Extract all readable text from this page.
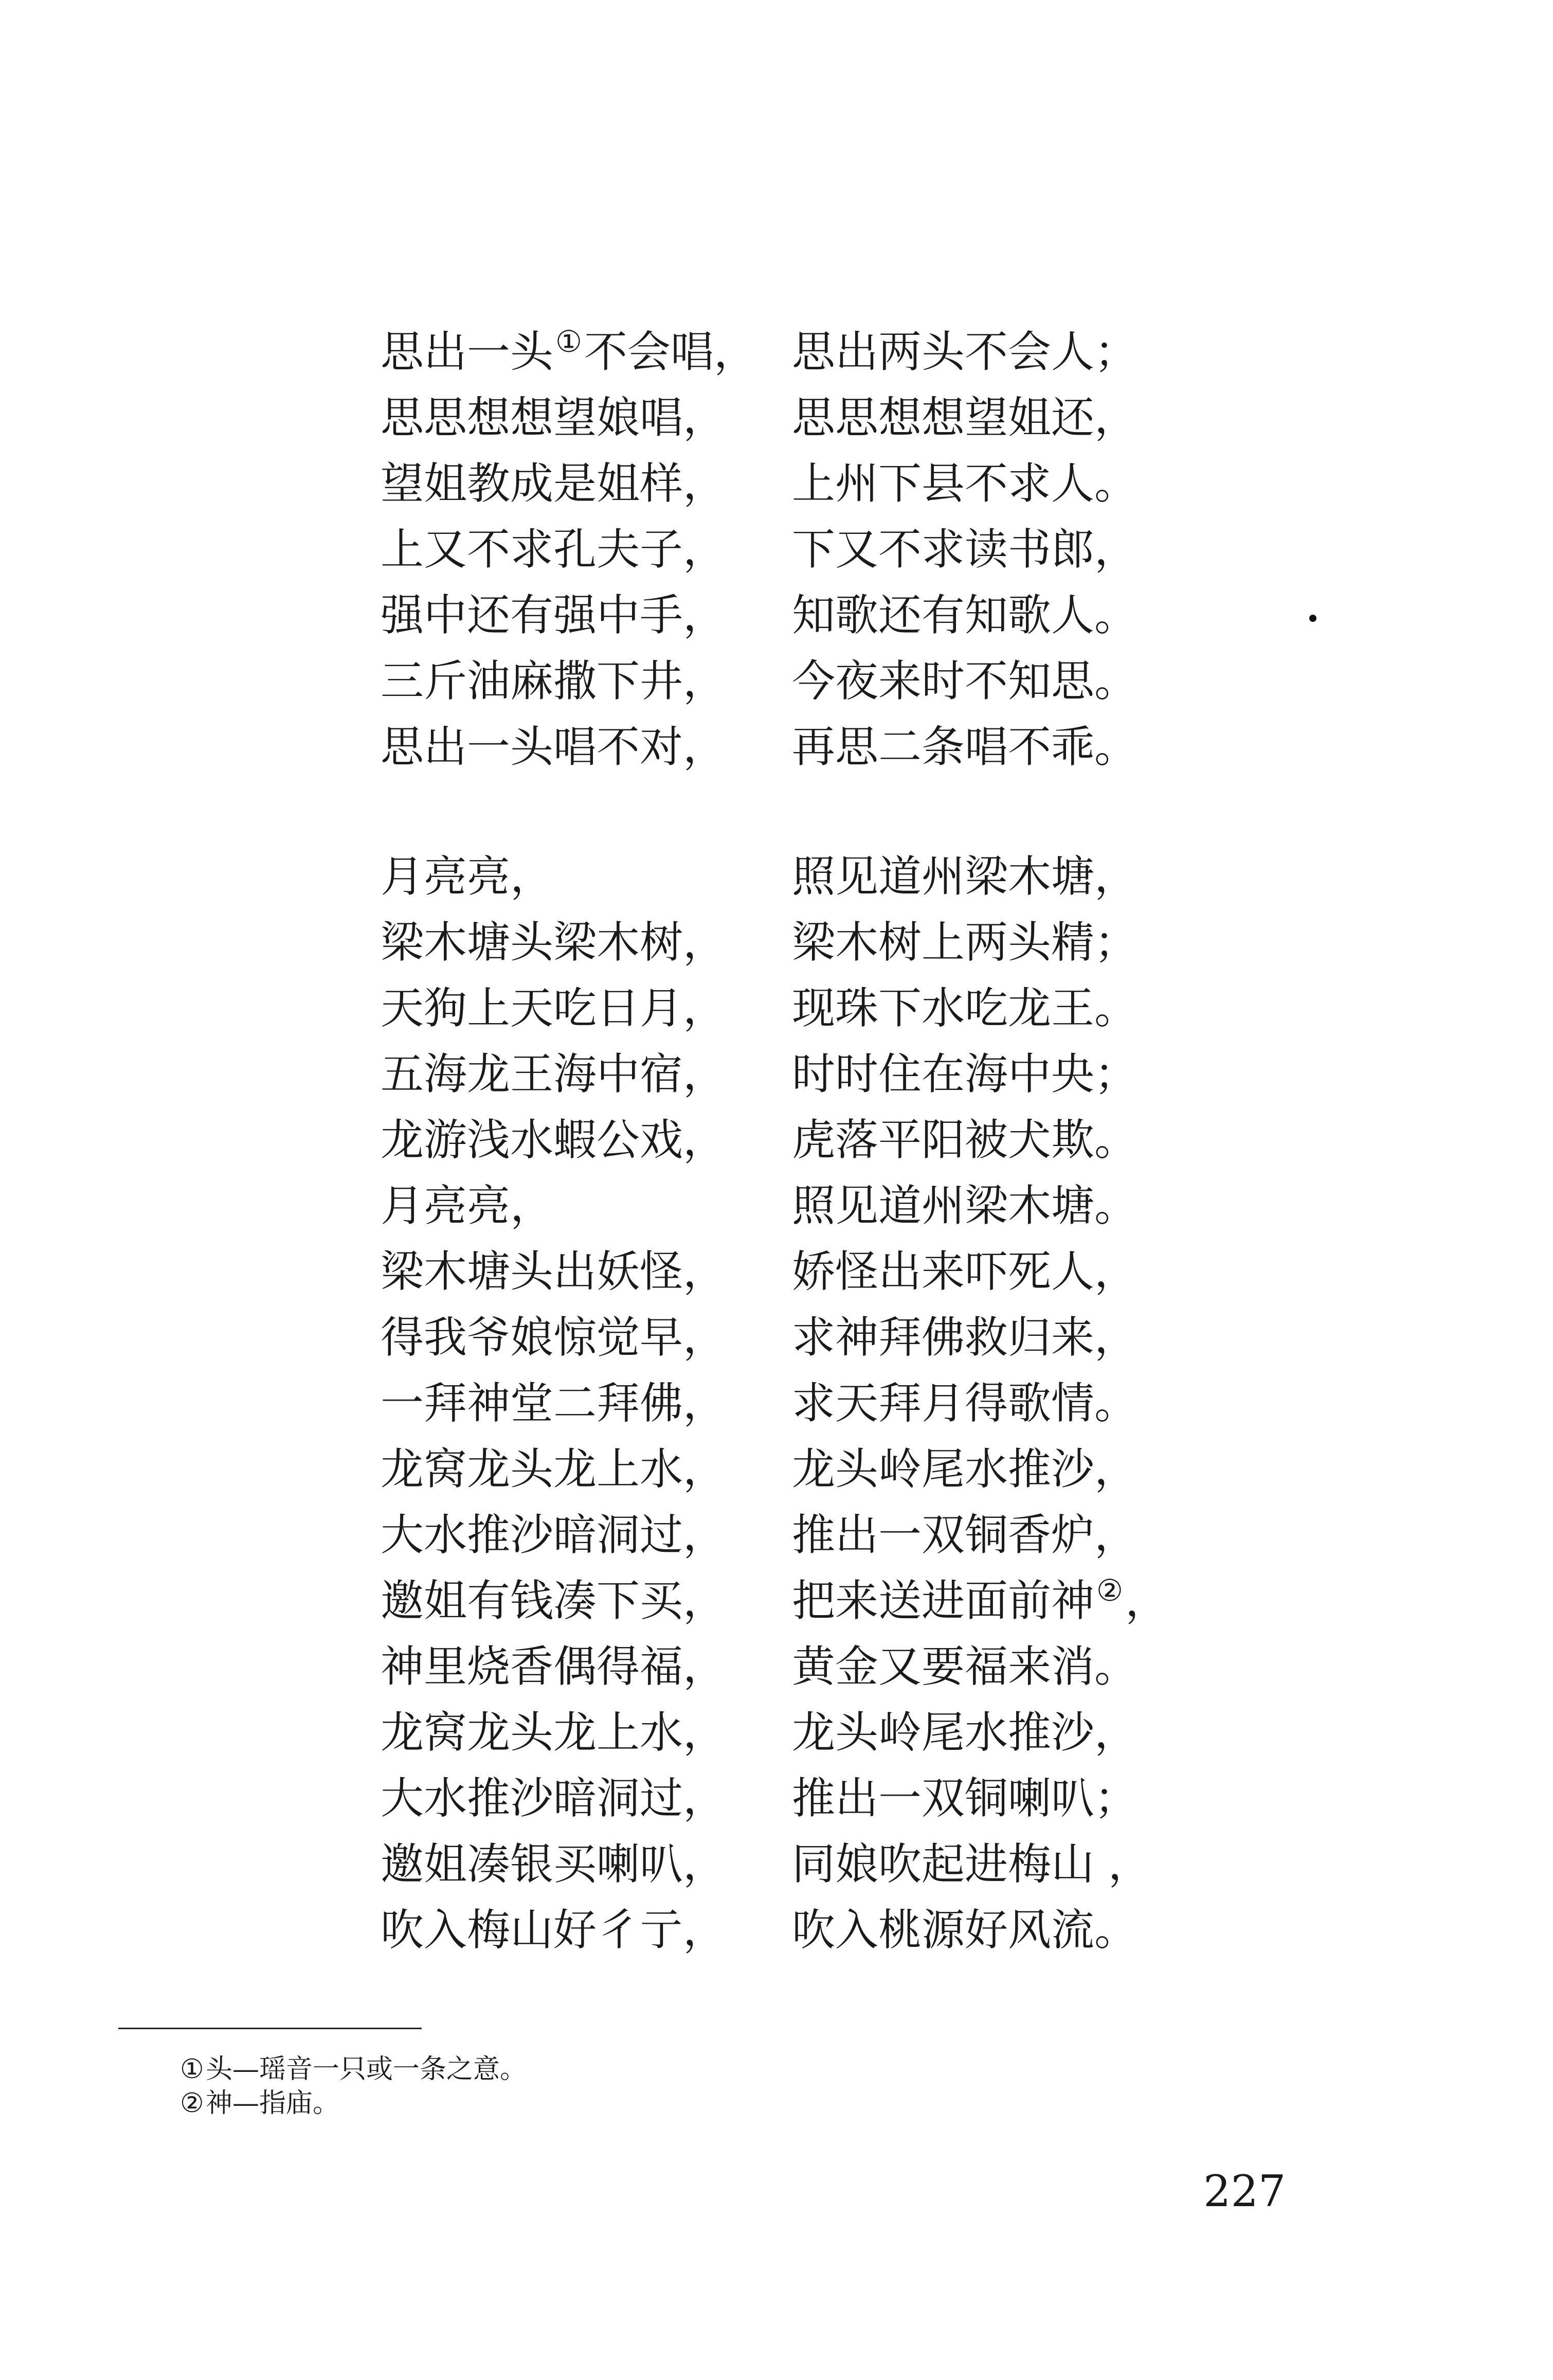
思出一头①不会唱， 思出两头不会人；
思思想想望娘唱， 思思想想望姐还，
望姐教成是姐样， 上州下县不求人。
上又不求孔夫子， 下又不求读书郎，
强中还有强中手， 知歌还有知歌人。
三斤油麻撒下井， 今夜来时不知思。
思出一头唱不对， 再思二条唱不乖。
月亮亮，	照见道州梁木塘，
梁木塘头梁木树， 梁木树上两头精；
天狗上天吃日月， 现珠下水吃龙王。
五海龙王海中宿， 时时住在海中央；
龙游浅水蝦公戏， 虎落平阳被犬欺。
月亮亮，	照见道州梁木塘。
梁木塘头出妖怪， 娇怪出来吓死人，
得我爷娘惊觉早， 求神拜佛救归来，
一拜神堂二拜佛， 求天拜月得歌情。
龙窝龙头龙上水， 龙头岭尾水推沙，
大水推沙暗洞过， 推出一双铜香炉，
邀姐有钱凑下买， 把来送进面前神②，
神里烧香偶得福， 黄金又要福来消。
龙窝龙头龙上水， 龙头岭尾水推沙，
大水推沙暗洞过， 推出一双铜喇叭；
邀姐凑银买喇叭， 同娘吹起进梅山 ，
吹入梅山好彳亍， 吹入桃源好风流。
① 头—瑶音一只或一条之意。
② 神—指庙。
227
